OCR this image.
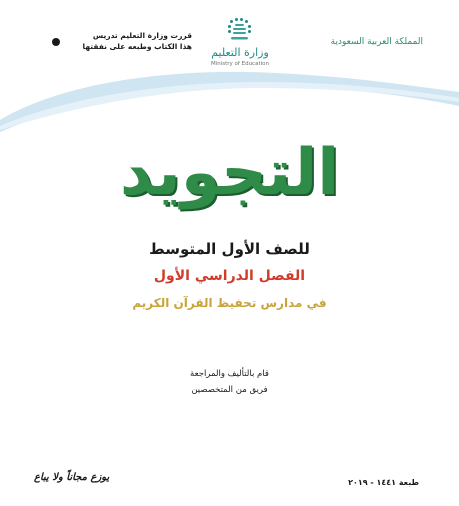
قررت وزارة التعليم تدريس
هذا الكتاب وطبعه على نفقتها	وزارة التعليم
Ministry of Education
المملكة العربية السعودية
التجويد
للصف الأول المتوسط
الفصل الدراسي الأول
في مدارس تحفيظ القرآن الكريم
قام بالتأليف والمراجعة
فريق من المتخصصين
طبعة ١٤٤١ - ٢٠١٩
يوزع مجاناً ولا يباع
